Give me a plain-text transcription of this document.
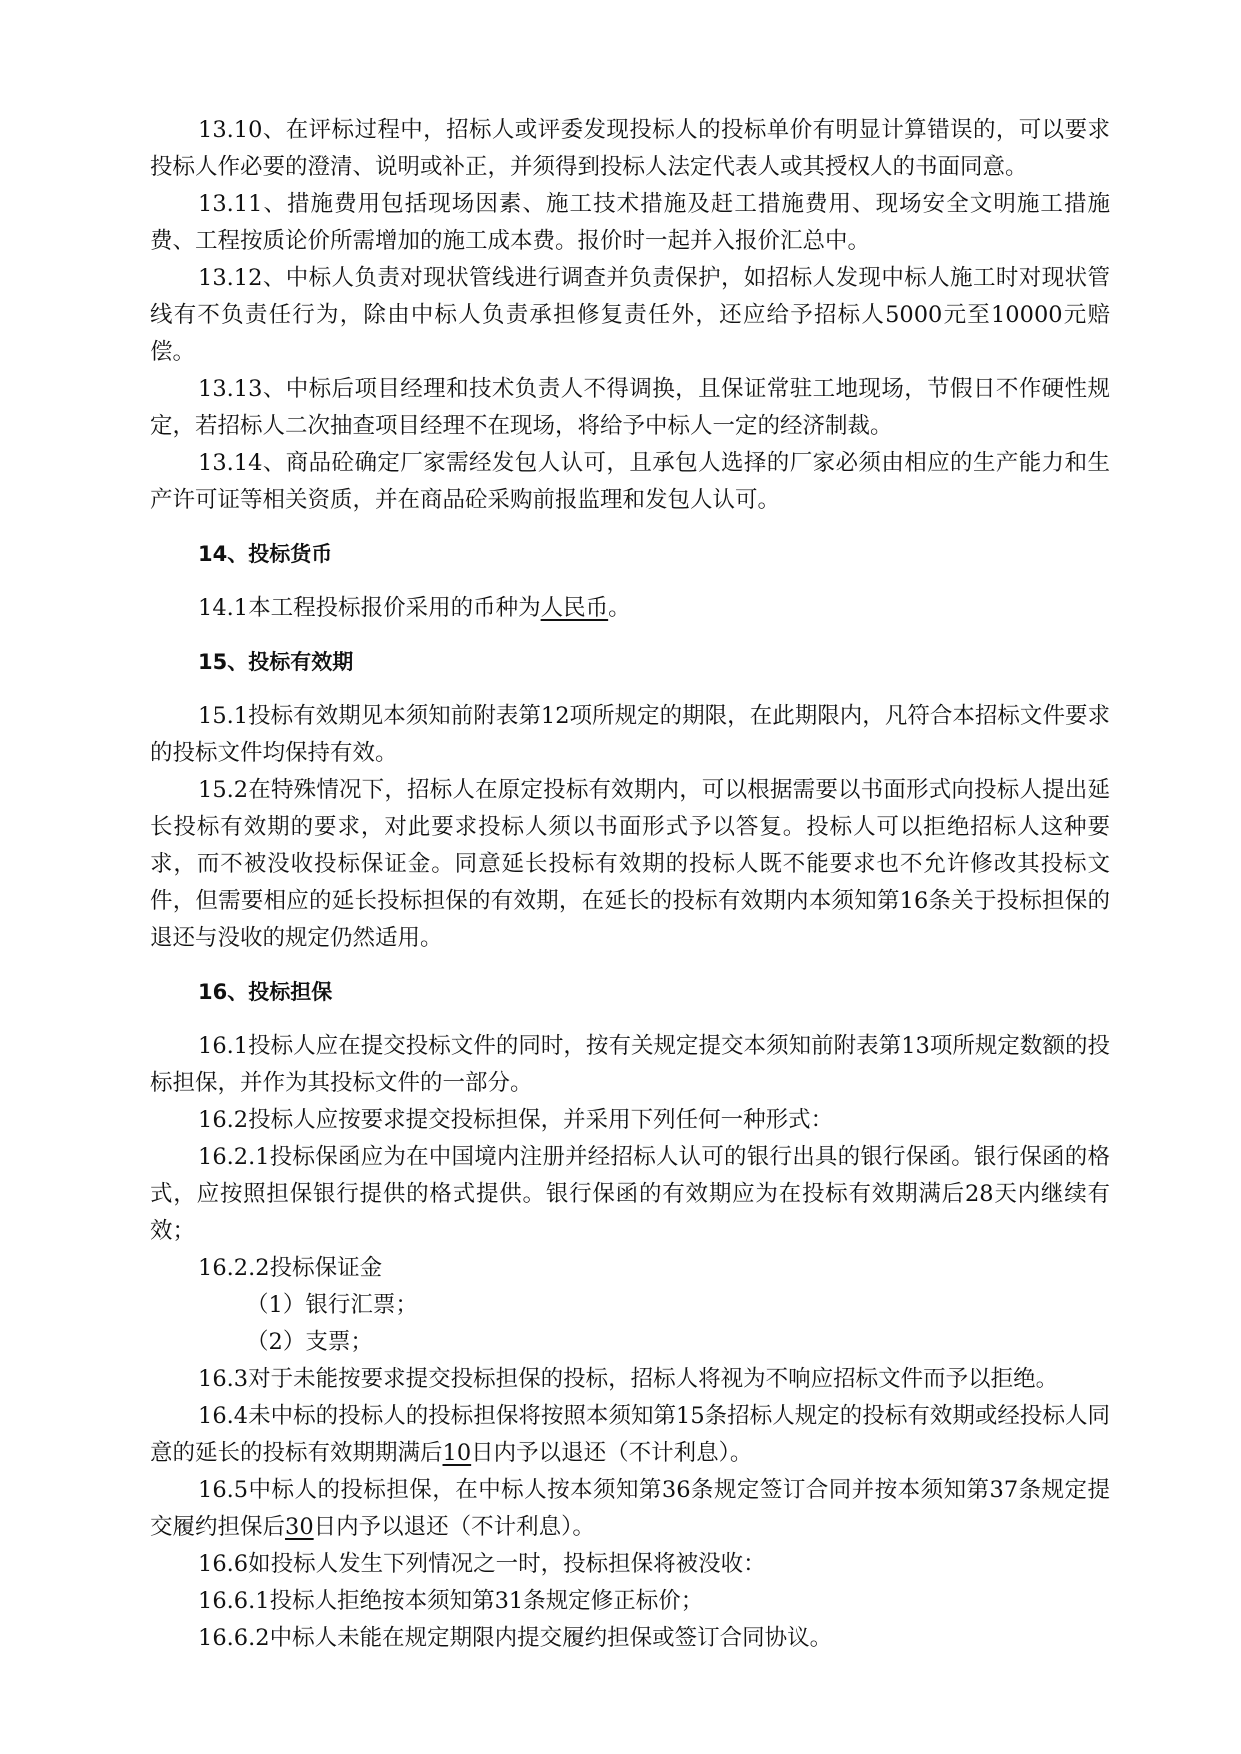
13.10、在评标过程中，招标人或评委发现投标人的投标单价有明显计算错误的，可以要求投标人作必要的澄清、说明或补正，并须得到投标人法定代表人或其授权人的书面同意。

13.11、措施费用包括现场因素、施工技术措施及赶工措施费用、现场安全文明施工措施费、工程按质论价所需增加的施工成本费。报价时一起并入报价汇总中。

13.12、中标人负责对现状管线进行调查并负责保护，如招标人发现中标人施工时对现状管线有不负责任行为，除由中标人负责承担修复责任外，还应给予招标人5000元至10000元赔偿。

13.13、中标后项目经理和技术负责人不得调换，且保证常驻工地现场，节假日不作硬性规定，若招标人二次抽查项目经理不在现场，将给予中标人一定的经济制裁。

13.14、商品砼确定厂家需经发包人认可，且承包人选择的厂家必须由相应的生产能力和生产许可证等相关资质，并在商品砼采购前报监理和发包人认可。

14、投标货币

14.1本工程投标报价采用的币种为人民币。

15、投标有效期

15.1投标有效期见本须知前附表第12项所规定的期限，在此期限内，凡符合本招标文件要求的投标文件均保持有效。

15.2在特殊情况下，招标人在原定投标有效期内，可以根据需要以书面形式向投标人提出延长投标有效期的要求，对此要求投标人须以书面形式予以答复。投标人可以拒绝招标人这种要求，而不被没收投标保证金。同意延长投标有效期的投标人既不能要求也不允许修改其投标文件，但需要相应的延长投标担保的有效期，在延长的投标有效期内本须知第16条关于投标担保的退还与没收的规定仍然适用。

16、投标担保

16.1投标人应在提交投标文件的同时，按有关规定提交本须知前附表第13项所规定数额的投标担保，并作为其投标文件的一部分。

16.2投标人应按要求提交投标担保，并采用下列任何一种形式：

16.2.1投标保函应为在中国境内注册并经招标人认可的银行出具的银行保函。银行保函的格式，应按照担保银行提供的格式提供。银行保函的有效期应为在投标有效期满后28天内继续有效；

16.2.2投标保证金

（1）银行汇票；

（2）支票；

16.3对于未能按要求提交投标担保的投标，招标人将视为不响应招标文件而予以拒绝。

16.4未中标的投标人的投标担保将按照本须知第15条招标人规定的投标有效期或经投标人同意的延长的投标有效期期满后10日内予以退还（不计利息）。

16.5中标人的投标担保，在中标人按本须知第36条规定签订合同并按本须知第37条规定提交履约担保后30日内予以退还（不计利息）。

16.6如投标人发生下列情况之一时，投标担保将被没收：

16.6.1投标人拒绝按本须知第31条规定修正标价；

16.6.2中标人未能在规定期限内提交履约担保或签订合同协议。
